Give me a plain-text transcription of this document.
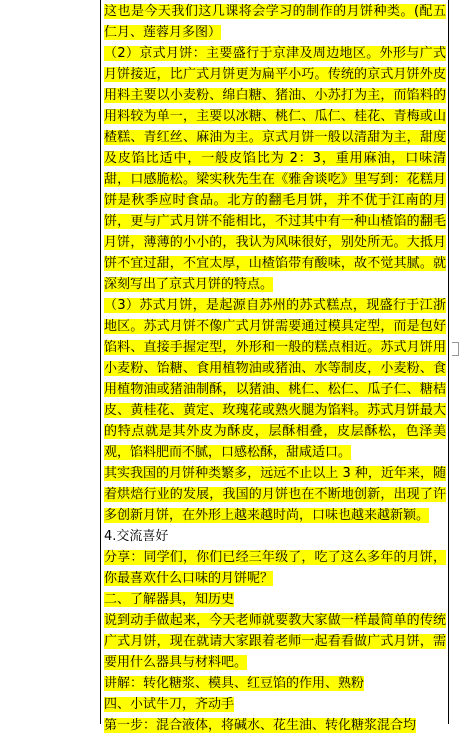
这也是今天我们这几课将会学习的制作的月饼种类。(配五仁月、莲蓉月多图）

（2）京式月饼：主要盛行于京津及周边地区。外形与广式月饼接近，比广式月饼更为扁平小巧。传统的京式月饼外皮用料主要以小麦粉、绵白糖、猪油、小苏打为主，而馅料的用料较为单一，主要以冰糖、桃仁、瓜仁、桂花、青梅或山楂糕、青红丝、麻油为主。京式月饼一般以清甜为主，甜度及皮馅比适中，一般皮馅比为 2：3，重用麻油，口味清甜，口感脆松。梁实秋先生在《雅舍谈吃》里写到：花糕月饼是秋季应时食品。北方的翻毛月饼，并不优于江南的月饼，更与广式月饼不能相比，不过其中有一种山楂馅的翻毛月饼，薄薄的小小的，我认为风味很好，别处所无。大抵月饼不宜过甜，不宜太厚，山楂馅带有酸味，故不觉其腻。就深刻写出了京式月饼的特点。

（3）苏式月饼，是起源自苏州的苏式糕点，现盛行于江浙地区。苏式月饼不像广式月饼需要通过模具定型，而是包好馅料、直接手握定型，外形和一般的糕点相近。苏式月饼用小麦粉、饴糖、食用植物油或猪油、水等制皮，小麦粉、食用植物油或猪油制酥，以猪油、桃仁、松仁、瓜子仁、糖桔皮、黄桂花、黄定、玫瑰花或熟火腿为馅料。苏式月饼最大的特点就是其外皮为酥皮，层酥相叠，皮层酥松，色泽美观，馅料肥而不腻，口感松酥，甜咸适口。

其实我国的月饼种类繁多，远远不止以上 3 种，近年来，随着烘焙行业的发展，我国的月饼也在不断地创新，出现了许多创新月饼，在外形上越来越时尚，口味也越来越新颖。

4.交流喜好

分享：同学们，你们已经三年级了，吃了这么多年的月饼，你最喜欢什么口味的月饼呢？

二、了解器具，知历史

说到动手做起来，今天老师就要教大家做一样最简单的传统广式月饼，现在就请大家跟着老师一起看看做广式月饼，需要用什么器具与材料吧。

讲解：转化糖浆、模具、红豆馅的作用、熟粉

四、小试牛刀，齐动手

第一步：混合液体，将碱水、花生油、转化糖浆混合均
